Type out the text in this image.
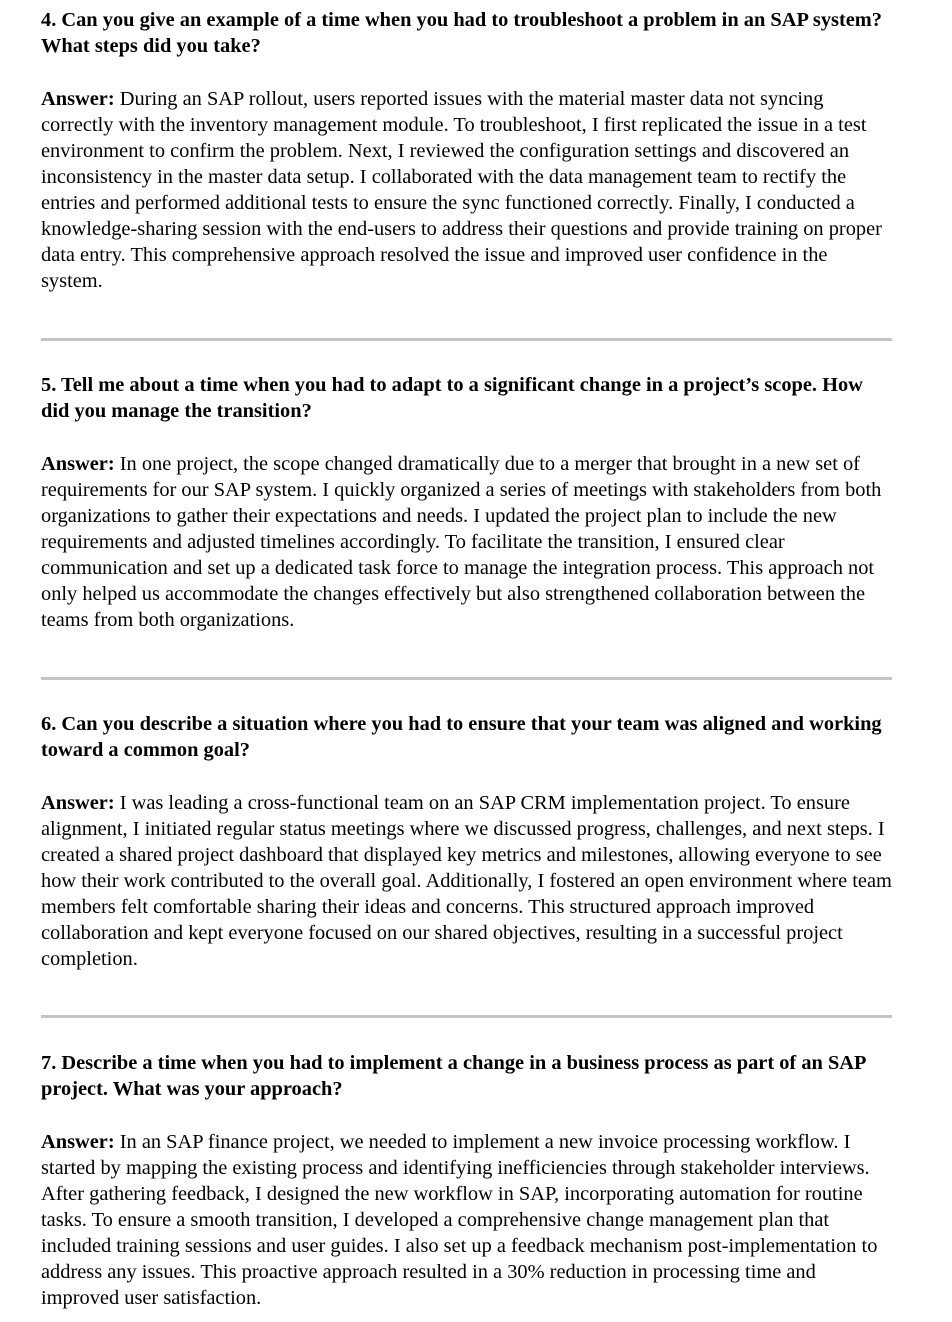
4. Can you give an example of a time when you had to troubleshoot a problem in an SAP system? What steps did you take?

Answer: During an SAP rollout, users reported issues with the material master data not syncing correctly with the inventory management module. To troubleshoot, I first replicated the issue in a test environment to confirm the problem. Next, I reviewed the configuration settings and discovered an inconsistency in the master data setup. I collaborated with the data management team to rectify the entries and performed additional tests to ensure the sync functioned correctly. Finally, I conducted a knowledge-sharing session with the end-users to address their questions and provide training on proper data entry. This comprehensive approach resolved the issue and improved user confidence in the system.

5. Tell me about a time when you had to adapt to a significant change in a project’s scope. How did you manage the transition?

Answer: In one project, the scope changed dramatically due to a merger that brought in a new set of requirements for our SAP system. I quickly organized a series of meetings with stakeholders from both organizations to gather their expectations and needs. I updated the project plan to include the new requirements and adjusted timelines accordingly. To facilitate the transition, I ensured clear communication and set up a dedicated task force to manage the integration process. This approach not only helped us accommodate the changes effectively but also strengthened collaboration between the teams from both organizations.

6. Can you describe a situation where you had to ensure that your team was aligned and working toward a common goal?

Answer: I was leading a cross-functional team on an SAP CRM implementation project. To ensure alignment, I initiated regular status meetings where we discussed progress, challenges, and next steps. I created a shared project dashboard that displayed key metrics and milestones, allowing everyone to see how their work contributed to the overall goal. Additionally, I fostered an open environment where team members felt comfortable sharing their ideas and concerns. This structured approach improved collaboration and kept everyone focused on our shared objectives, resulting in a successful project completion.

7. Describe a time when you had to implement a change in a business process as part of an SAP project. What was your approach?

Answer: In an SAP finance project, we needed to implement a new invoice processing workflow. I started by mapping the existing process and identifying inefficiencies through stakeholder interviews. After gathering feedback, I designed the new workflow in SAP, incorporating automation for routine tasks. To ensure a smooth transition, I developed a comprehensive change management plan that included training sessions and user guides. I also set up a feedback mechanism post-implementation to address any issues. This proactive approach resulted in a 30% reduction in processing time and improved user satisfaction.
